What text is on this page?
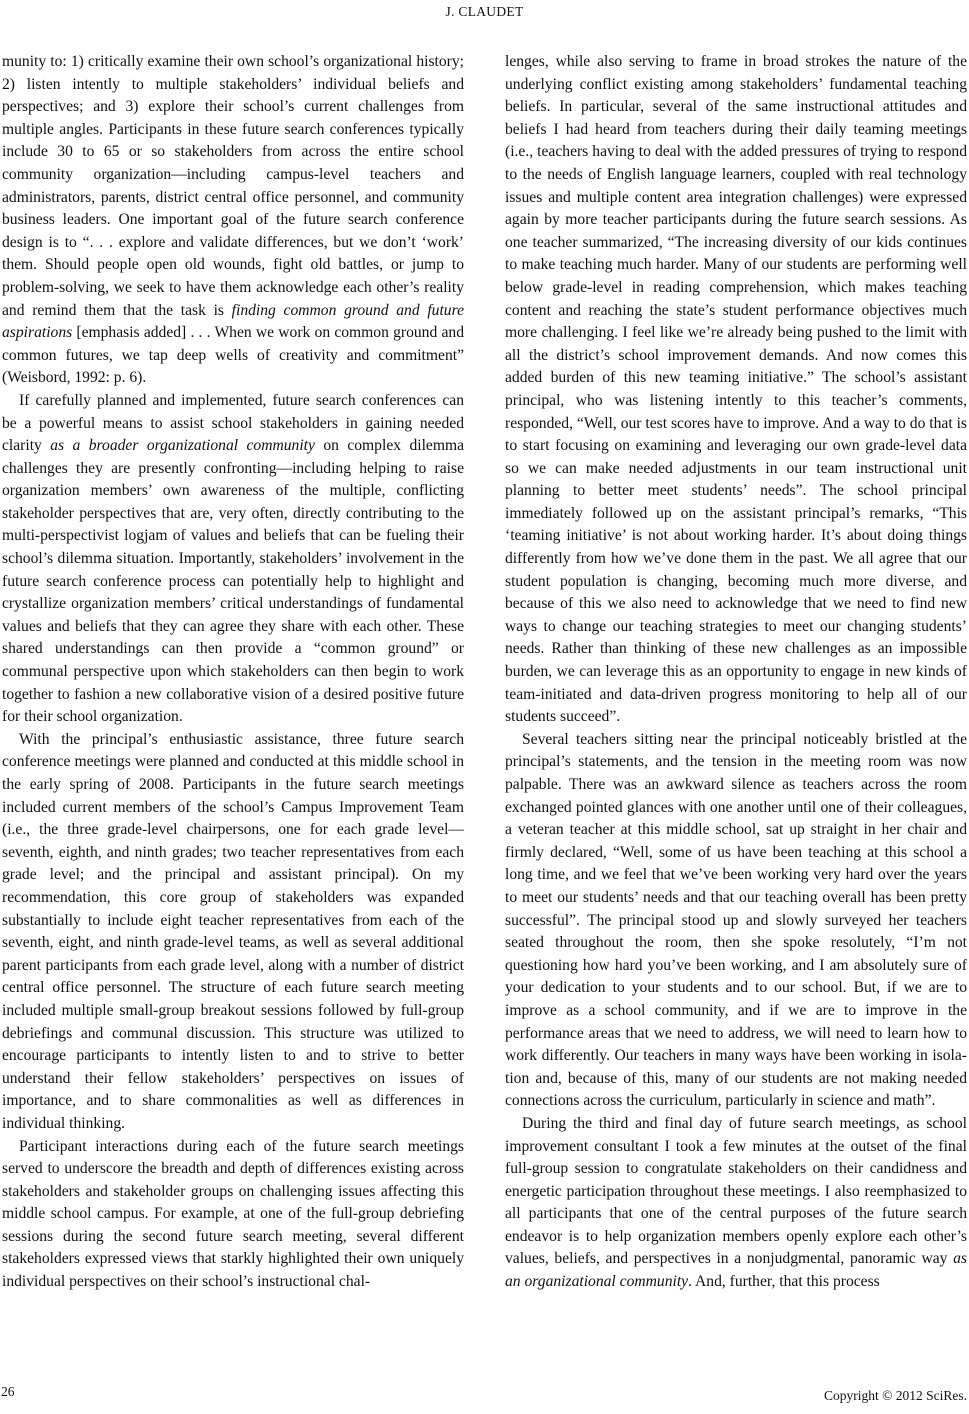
J. CLAUDET

munity to: 1) critically examine their own school’s organizational history; 2) listen intently to multiple stakeholders’ individual beliefs and perspectives; and 3) explore their school’s current challenges from multiple angles. Participants in these future search conferences typically include 30 to 65 or so stakeholders from across the entire school community organization—including campus-level teachers and administrators, parents, district central office personnel, and community business leaders. One important goal of the future search conference design is to “. . . explore and validate differences, but we don’t ‘work’ them. Should people open old wounds, fight old battles, or jump to problem-solving, we seek to have them acknowledge each other’s reality and remind them that the task is finding common ground and future aspirations [emphasis added] . . . When we work on common ground and common futures, we tap deep wells of creativity and commitment” (Weisbord, 1992: p. 6).

If carefully planned and implemented, future search conferences can be a powerful means to assist school stakeholders in gaining needed clarity as a broader organizational community on complex dilemma challenges they are presently confronting—including helping to raise organization members’ own awareness of the multiple, conflicting stakeholder perspectives that are, very often, directly contributing to the multi-perspectivist logjam of values and beliefs that can be fueling their school’s dilemma situation. Importantly, stakeholders’ involvement in the future search conference process can potentially help to highlight and crystallize organization members’ critical understandings of fundamental values and beliefs that they can agree they share with each other. These shared understandings can then provide a “common ground” or communal perspective upon which stakeholders can then begin to work together to fashion a new collaborative vision of a desired positive future for their school organization.

With the principal’s enthusiastic assistance, three future search conference meetings were planned and conducted at this middle school in the early spring of 2008. Participants in the future search meetings included current members of the school’s Campus Improvement Team (i.e., the three grade-level chairpersons, one for each grade level—seventh, eighth, and ninth grades; two teacher representatives from each grade level; and the principal and assistant principal). On my recommendation, this core group of stakeholders was expanded substantially to include eight teacher representatives from each of the seventh, eight, and ninth grade-level teams, as well as several additional parent participants from each grade level, along with a number of district central office personnel. The structure of each future search meeting included multiple small-group breakout sessions followed by full-group debriefings and communal discussion. This structure was utilized to encourage participants to intently listen to and to strive to better understand their fellow stakeholders’ perspectives on issues of importance, and to share commonalities as well as differences in individual thinking.

Participant interactions during each of the future search meetings served to underscore the breadth and depth of differences existing across stakeholders and stakeholder groups on challenging issues affecting this middle school campus. For example, at one of the full-group debriefing sessions during the second future search meeting, several different stakeholders expressed views that starkly highlighted their own uniquely individual perspectives on their school’s instructional chal-

lenges, while also serving to frame in broad strokes the nature of the underlying conflict existing among stakeholders’ fundamental teaching beliefs. In particular, several of the same instructional attitudes and beliefs I had heard from teachers during their daily teaming meetings (i.e., teachers having to deal with the added pressures of trying to respond to the needs of English language learners, coupled with real technology issues and multiple content area integration challenges) were expressed again by more teacher participants during the future search sessions. As one teacher summarized, “The increasing diversity of our kids continues to make teaching much harder. Many of our students are performing well below grade-level in reading comprehension, which makes teaching content and reaching the state’s student performance objectives much more challenging. I feel like we’re already being pushed to the limit with all the district’s school improvement demands. And now comes this added burden of this new teaming initiative.” The school’s assistant principal, who was listening intently to this teacher’s comments, responded, “Well, our test scores have to improve. And a way to do that is to start focusing on examining and leveraging our own grade-level data so we can make needed adjustments in our team instructional unit planning to better meet students’ needs”. The school principal immediately followed up on the assistant principal’s remarks, “This ‘teaming initiative’ is not about working harder. It’s about doing things differently from how we’ve done them in the past. We all agree that our student population is changing, becoming much more diverse, and because of this we also need to acknowledge that we need to find new ways to change our teaching strategies to meet our changing students’ needs. Rather than thinking of these new challenges as an impossible burden, we can leverage this as an opportunity to engage in new kinds of team-initiated and data-driven progress monitoring to help all of our students succeed”.

Several teachers sitting near the principal noticeably bristled at the principal’s statements, and the tension in the meeting room was now palpable. There was an awkward silence as teachers across the room exchanged pointed glances with one another until one of their colleagues, a veteran teacher at this middle school, sat up straight in her chair and firmly declared, “Well, some of us have been teaching at this school a long time, and we feel that we’ve been working very hard over the years to meet our students’ needs and that our teaching overall has been pretty successful”. The principal stood up and slowly surveyed her teachers seated throughout the room, then she spoke resolutely, “I’m not questioning how hard you’ve been working, and I am absolutely sure of your dedication to your students and to our school. But, if we are to improve as a school community, and if we are to improve in the performance areas that we need to address, we will need to learn how to work differently. Our teachers in many ways have been working in isolation and, because of this, many of our students are not making needed connections across the curriculum, particularly in science and math”.

During the third and final day of future search meetings, as school improvement consultant I took a few minutes at the outset of the final full-group session to congratulate stakeholders on their candidness and energetic participation throughout these meetings. I also reemphasized to all participants that one of the central purposes of the future search endeavor is to help organization members openly explore each other’s values, beliefs, and perspectives in a nonjudgmental, panoramic way as an organizational community. And, further, that this process

26	Copyright © 2012 SciRes.
